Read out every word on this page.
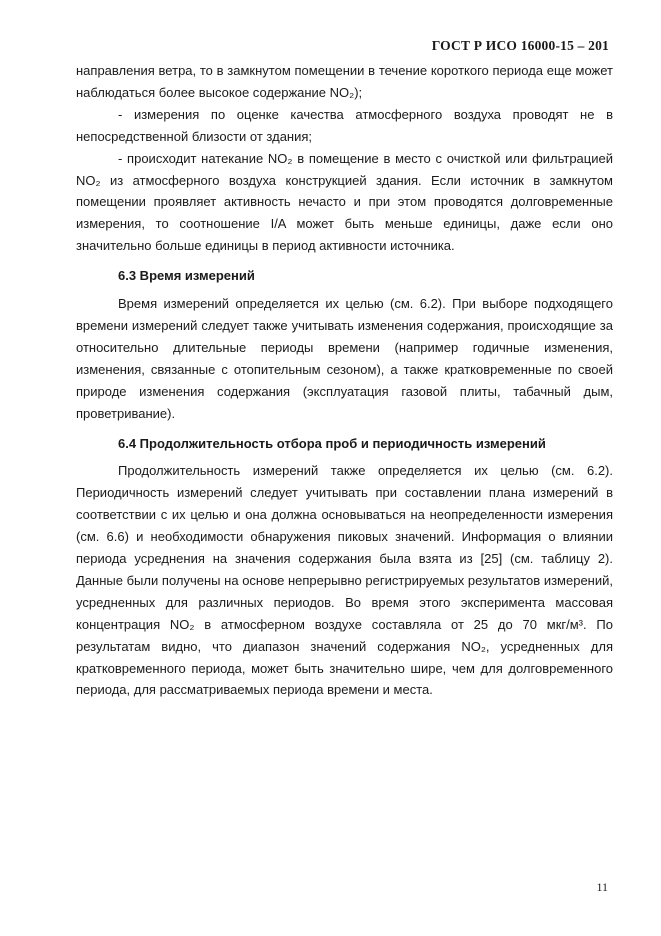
ГОСТ Р ИСО 16000-15 – 201

направления ветра, то в замкнутом помещении в течение короткого периода еще может наблюдаться более высокое содержание NO₂);

- измерения по оценке качества атмосферного воздуха проводят не в непосредственной близости от здания;

- происходит натекание NO₂ в помещение в место с очисткой или фильтрацией NO₂ из атмосферного воздуха конструкцией здания. Если источник в замкнутом помещении проявляет активность нечасто и при этом проводятся долговременные измерения, то соотношение I/A может быть меньше единицы, даже если оно значительно больше единицы в период активности источника.

6.3 Время измерений

Время измерений определяется их целью (см. 6.2). При выборе подходящего времени измерений следует также учитывать изменения содержания, происходящие за относительно длительные периоды времени (например годичные изменения, изменения, связанные с отопительным сезоном), а также кратковременные по своей природе изменения содержания (эксплуатация газовой плиты, табачный дым, проветривание).

6.4 Продолжительность отбора проб и периодичность измерений

Продолжительность измерений также определяется их целью (см. 6.2). Периодичность измерений следует учитывать при составлении плана измерений в соответствии с их целью и она должна основываться на неопределенности измерения (см. 6.6) и необходимости обнаружения пиковых значений. Информация о влиянии периода усреднения на значения содержания была взята из [25] (см. таблицу 2). Данные были получены на основе непрерывно регистрируемых результатов измерений, усредненных для различных периодов. Во время этого эксперимента массовая концентрация NO₂ в атмосферном воздухе составляла от 25 до 70 мкг/м³. По результатам видно, что диапазон значений содержания NO₂, усредненных для кратковременного периода, может быть значительно шире, чем для долговременного периода, для рассматриваемых периода времени и места.

11
